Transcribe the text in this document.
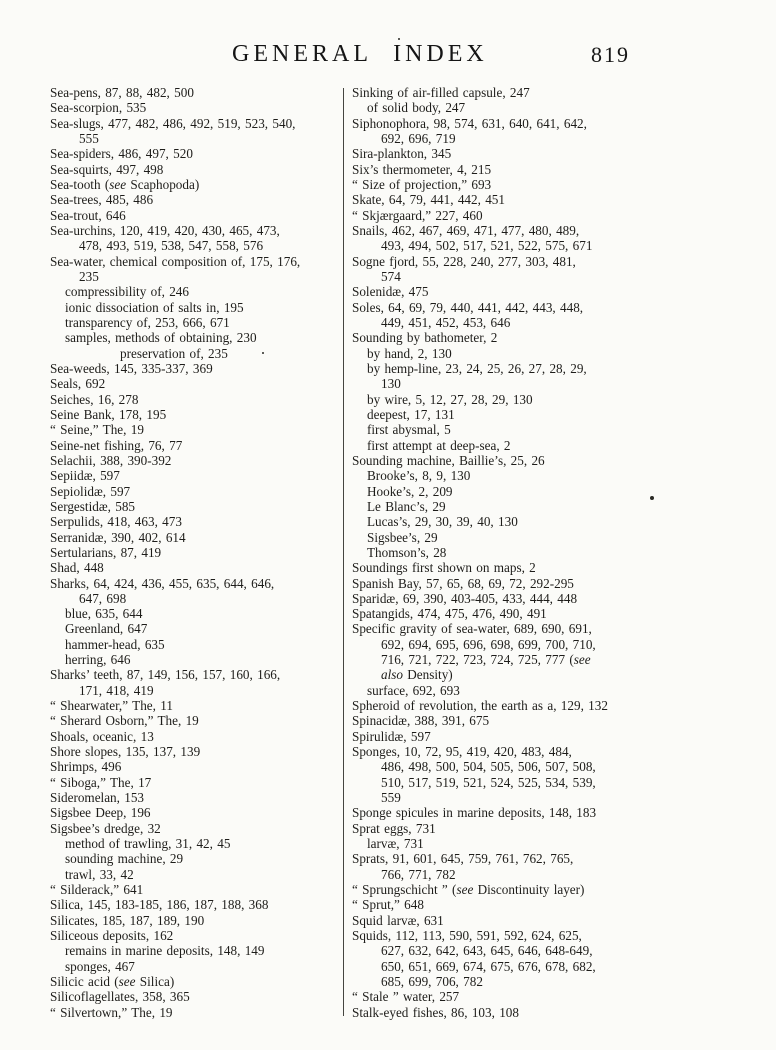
GENERAL INDEX	819
Sea-pens, 87, 88, 482, 500
Sea-scorpion, 535
Sea-slugs, 477, 482, 486, 492, 519, 523, 540,
555
Sea-spiders, 486, 497, 520
Sea-squirts, 497, 498
Sea-tooth (see Scaphopoda)
Sea-trees, 485, 486
Sea-trout, 646
Sea-urchins, 120, 419, 420, 430, 465, 473,
478, 493, 519, 538, 547, 558, 576
Sea-water, chemical composition of, 175, 176,
235
compressibility of, 246
ionic dissociation of salts in, 195
transparency of, 253, 666, 671
samples, methods of obtaining, 230
preservation of, 235
Sea-weeds, 145, 335-337, 369
Seals, 692
Seiches, 16, 278
Seine Bank, 178, 195
“ Seine,” The, 19
Seine-net fishing, 76, 77
Selachii, 388, 390-392
Sepiidæ, 597
Sepiolidæ, 597
Sergestidæ, 585
Serpulids, 418, 463, 473
Serranidæ, 390, 402, 614
Sertularians, 87, 419
Shad, 448
Sharks, 64, 424, 436, 455, 635, 644, 646,
647, 698
blue, 635, 644
Greenland, 647
hammer-head, 635
herring, 646
Sharks’ teeth, 87, 149, 156, 157, 160, 166,
171, 418, 419
“ Shearwater,” The, 11
“ Sherard Osborn,” The, 19
Shoals, oceanic, 13
Shore slopes, 135, 137, 139
Shrimps, 496
“ Siboga,” The, 17
Sideromelan, 153
Sigsbee Deep, 196
Sigsbee’s dredge, 32
method of trawling, 31, 42, 45
sounding machine, 29
trawl, 33, 42
“ Silderack,” 641
Silica, 145, 183-185, 186, 187, 188, 368
Silicates, 185, 187, 189, 190
Siliceous deposits, 162
remains in marine deposits, 148, 149
sponges, 467
Silicic acid (see Silica)
Silicoflagellates, 358, 365
“ Silvertown,” The, 19
Sinking of air-filled capsule, 247
of solid body, 247
Siphonophora, 98, 574, 631, 640, 641, 642,
692, 696, 719
Sira-plankton, 345
Six’s thermometer, 4, 215
“ Size of projection,” 693
Skate, 64, 79, 441, 442, 451
“ Skjærgaard,” 227, 460
Snails, 462, 467, 469, 471, 477, 480, 489,
493, 494, 502, 517, 521, 522, 575, 671
Sogne fjord, 55, 228, 240, 277, 303, 481,
574
Solenidæ, 475
Soles, 64, 69, 79, 440, 441, 442, 443, 448,
449, 451, 452, 453, 646
Sounding by bathometer, 2
by hand, 2, 130
by hemp-line, 23, 24, 25, 26, 27, 28, 29,
130
by wire, 5, 12, 27, 28, 29, 130
deepest, 17, 131
first abysmal, 5
first attempt at deep-sea, 2
Sounding machine, Baillie’s, 25, 26
Brooke’s, 8, 9, 130
Hooke’s, 2, 209
Le Blanc’s, 29
Lucas’s, 29, 30, 39, 40, 130
Sigsbee’s, 29
Thomson’s, 28
Soundings first shown on maps, 2
Spanish Bay, 57, 65, 68, 69, 72, 292-295
Sparidæ, 69, 390, 403-405, 433, 444, 448
Spatangids, 474, 475, 476, 490, 491
Specific gravity of sea-water, 689, 690, 691,
692, 694, 695, 696, 698, 699, 700, 710,
716, 721, 722, 723, 724, 725, 777 (see
also Density)
surface, 692, 693
Spheroid of revolution, the earth as a, 129, 132
Spinacidæ, 388, 391, 675
Spirulidæ, 597
Sponges, 10, 72, 95, 419, 420, 483, 484,
486, 498, 500, 504, 505, 506, 507, 508,
510, 517, 519, 521, 524, 525, 534, 539,
559
Sponge spicules in marine deposits, 148, 183
Sprat eggs, 731
larvæ, 731
Sprats, 91, 601, 645, 759, 761, 762, 765,
766, 771, 782
“ Sprungschicht ” (see Discontinuity layer)
“ Sprut,” 648
Squid larvæ, 631
Squids, 112, 113, 590, 591, 592, 624, 625,
627, 632, 642, 643, 645, 646, 648-649,
650, 651, 669, 674, 675, 676, 678, 682,
685, 699, 706, 782
“ Stale ” water, 257
Stalk-eyed fishes, 86, 103, 108
